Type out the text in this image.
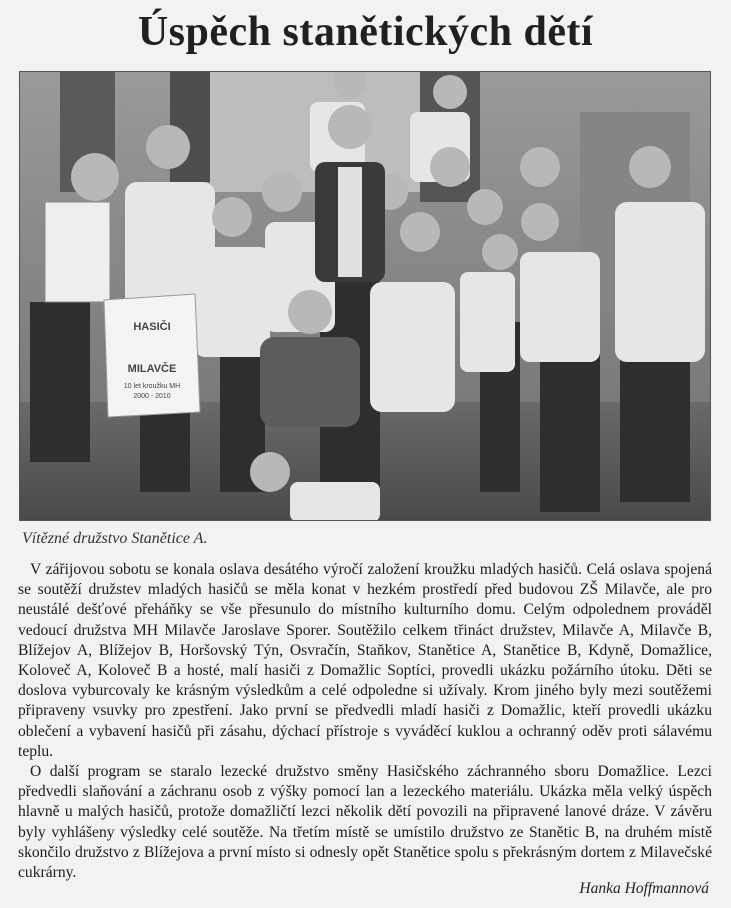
Úspěch stanětických dětí
HASIČI
MILAVČE
10 let kroužku MH
2000 - 2010
Vítězné družstvo Stanětice A.

V zářijovou sobotu se konala oslava desátého výročí založení kroužku mladých hasičů. Celá oslava spojená se soutěží družstev mladých hasičů se měla konat v hezkém prostředí před budovou ZŠ Milavče, ale pro neustálé dešťové přeháňky se vše přesunulo do místního kulturního domu. Celým odpolednem prováděl vedoucí družstva MH Milavče Jaroslave Sporer. Soutěžilo celkem třináct družstev, Milavče A, Milavče B, Blížejov A, Blížejov B, Horšovský Týn, Osvračín, Staňkov, Stanětice A, Stanětice B, Kdyně, Domažlice, Koloveč A, Koloveč B a hosté, malí hasiči z Domažlic Soptíci, provedli ukázku požárního útoku. Děti se doslova vyburcovaly ke krásným výsledkům a celé odpoledne si užívaly. Krom jiného byly mezi soutěžemi připraveny vsuvky pro zpestření. Jako první se předvedli mladí hasiči z Domažlic, kteří provedli ukázku oblečení a vybavení hasičů při zásahu, dýchací přístroje s vyváděcí kuklou a ochranný oděv proti sálavému teplu.

O další program se staralo lezecké družstvo směny Hasičského záchranného sboru Domažlice. Lezci předvedli slaňování a záchranu osob z výšky pomocí lan a lezeckého materiálu. Ukázka měla velký úspěch hlavně u malých hasičů, protože domažličtí lezci několik dětí povozili na připravené lanové dráze. V závěru byly vyhlášeny výsledky celé soutěže. Na třetím místě se umístilo družstvo ze Stanětic B, na druhém místě skončilo družstvo z Blížejova a první místo si odnesly opět Stanětice spolu s překrásným dortem z Milavečské cukrárny.

Hanka Hoffmannová
